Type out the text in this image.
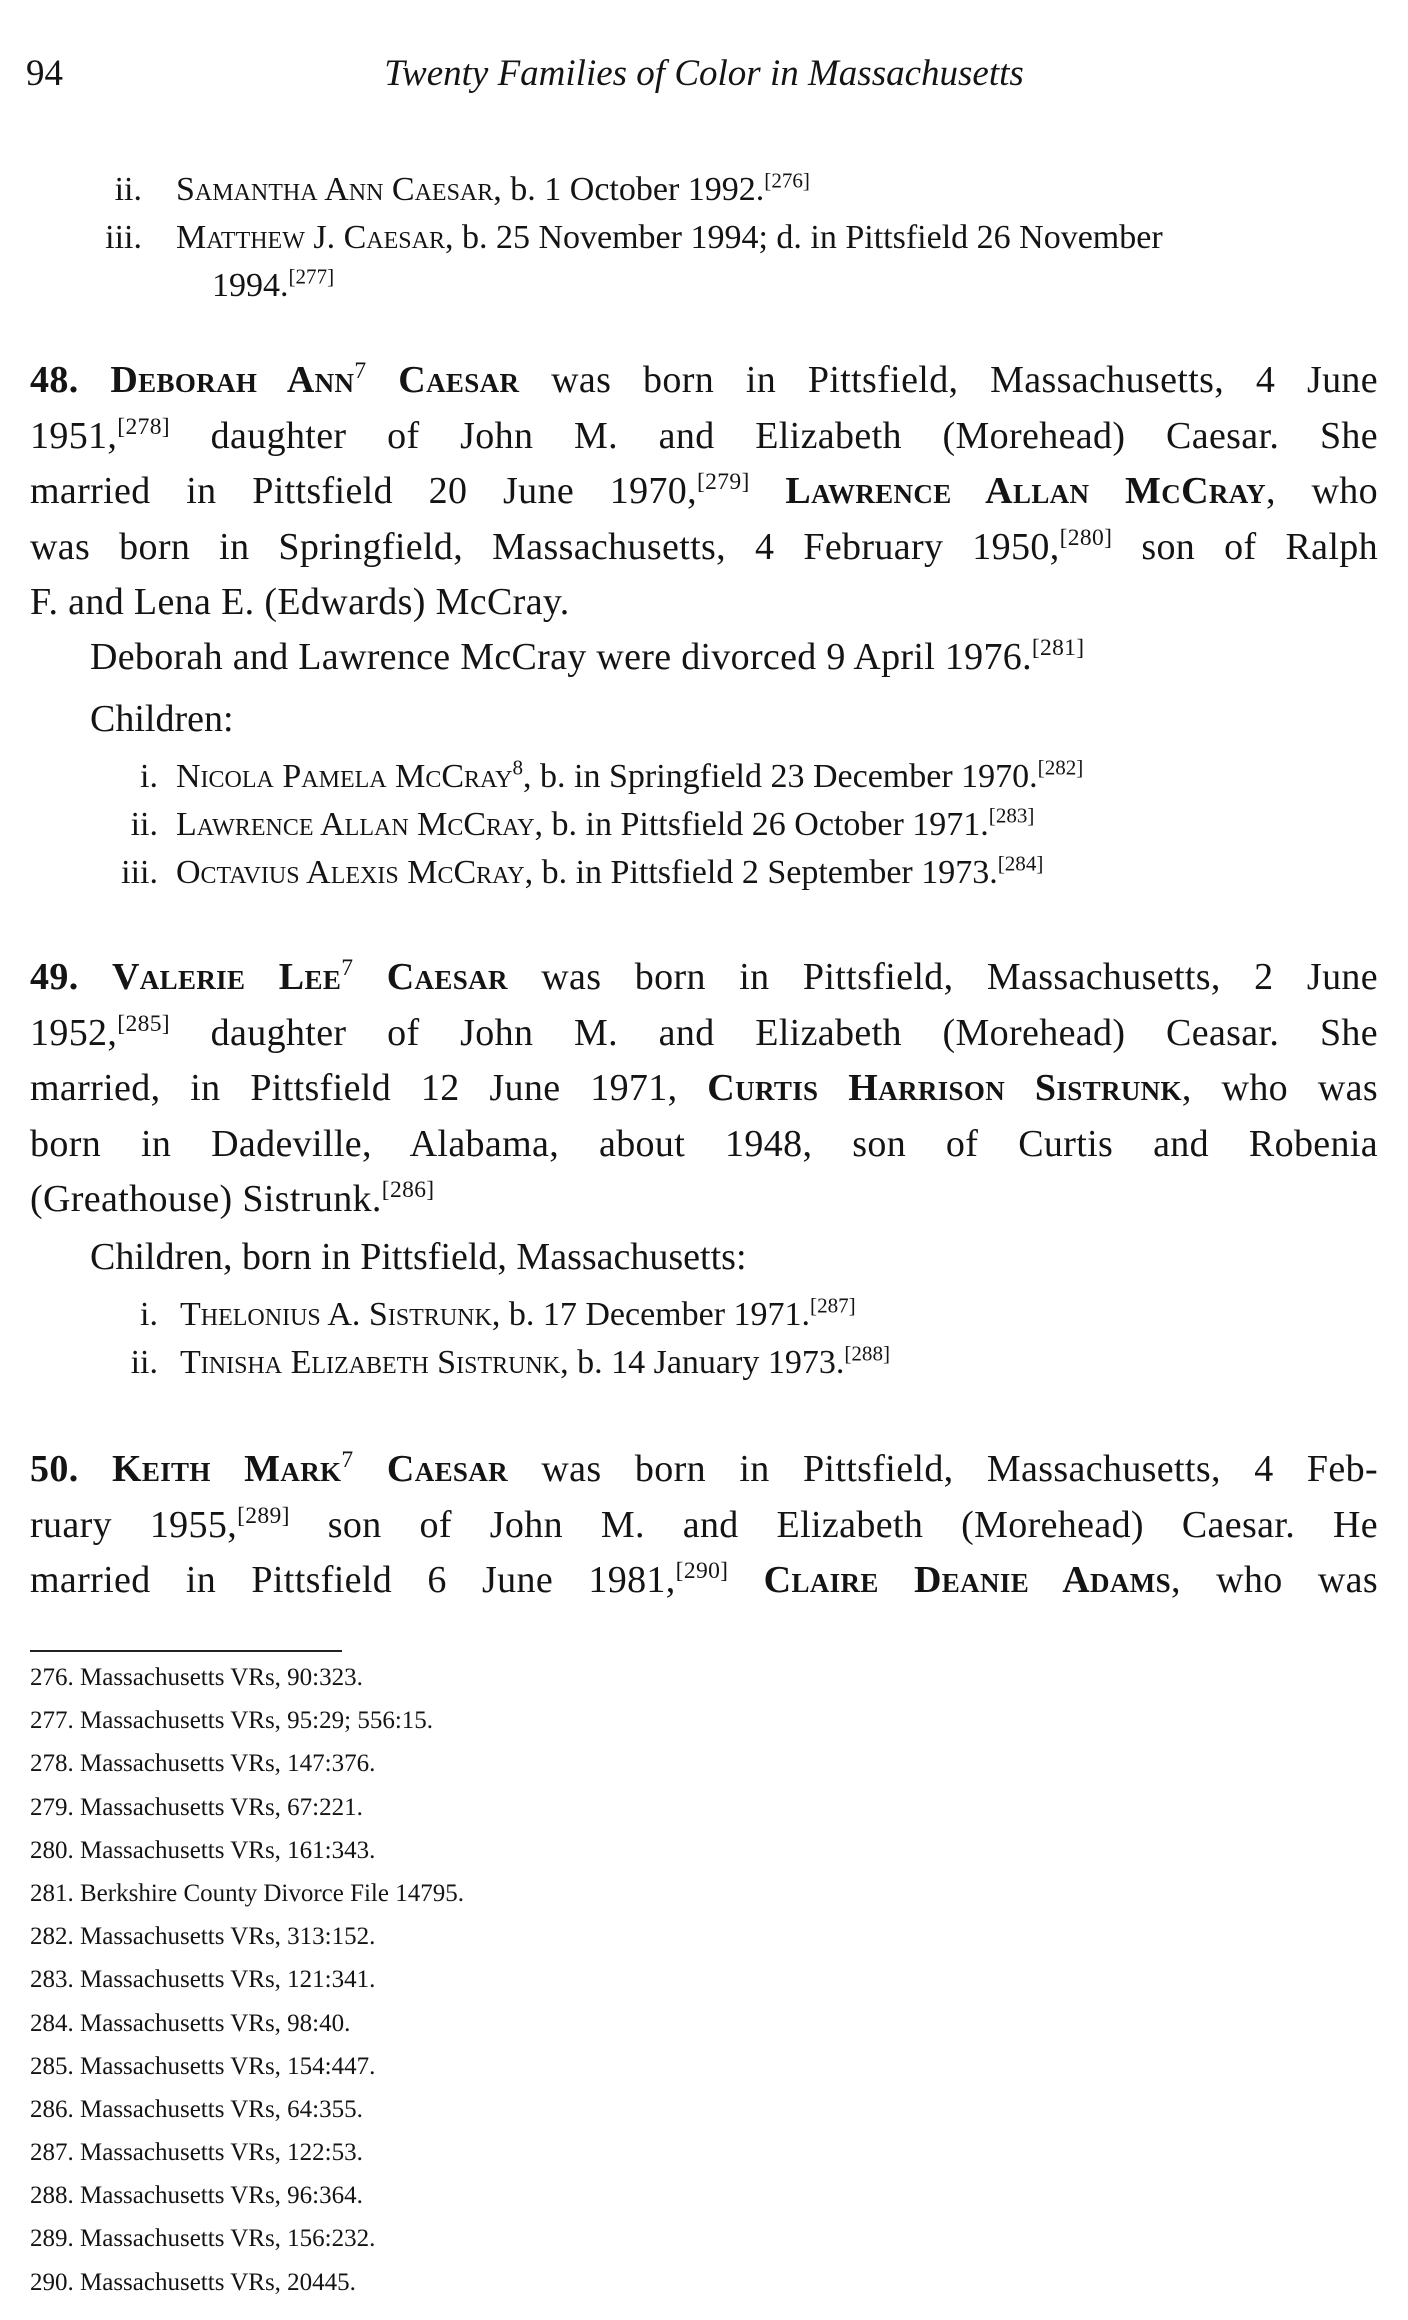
94	Twenty Families of Color in Massachusetts
ii. Samantha Ann Caesar, b. 1 October 1992.[276]
iii. Matthew J. Caesar, b. 25 November 1994; d. in Pittsfield 26 November
1994.[277]
48. Deborah Ann$^7$ Caesar was born in Pittsfield, Massachusetts, 4 June
1951,[278] daughter of John M. and Elizabeth (Morehead) Caesar. She
married in Pittsfield 20 June 1970,[279] Lawrence Allan McCray, who
was born in Springfield, Massachusetts, 4 February 1950,[280] son of Ralph
F. and Lena E. (Edwards) McCray.
Deborah and Lawrence McCray were divorced 9 April 1976.[281]
Children:
i. Nicola Pamela McCray$^8$, b. in Springfield 23 December 1970.[282]
ii. Lawrence Allan McCray, b. in Pittsfield 26 October 1971.[283]
iii. Octavius Alexis McCray, b. in Pittsfield 2 September 1973.[284]
49. Valerie Lee$^7$ Caesar was born in Pittsfield, Massachusetts, 2 June
1952,[285] daughter of John M. and Elizabeth (Morehead) Ceasar. She
married, in Pittsfield 12 June 1971, Curtis Harrison Sistrunk, who was
born in Dadeville, Alabama, about 1948, son of Curtis and Robenia
(Greathouse) Sistrunk.[286]
Children, born in Pittsfield, Massachusetts:
i. Thelonius A. Sistrunk, b. 17 December 1971.[287]
ii. Tinisha Elizabeth Sistrunk, b. 14 January 1973.[288]
50. Keith Mark$^7$ Caesar was born in Pittsfield, Massachusetts, 4 Feb-
ruary 1955,[289] son of John M. and Elizabeth (Morehead) Caesar. He
married in Pittsfield 6 June 1981,[290] Claire Deanie Adams, who was
276. Massachusetts VRs, 90:323.
277. Massachusetts VRs, 95:29; 556:15.
278. Massachusetts VRs, 147:376.
279. Massachusetts VRs, 67:221.
280. Massachusetts VRs, 161:343.
281. Berkshire County Divorce File 14795.
282. Massachusetts VRs, 313:152.
283. Massachusetts VRs, 121:341.
284. Massachusetts VRs, 98:40.
285. Massachusetts VRs, 154:447.
286. Massachusetts VRs, 64:355.
287. Massachusetts VRs, 122:53.
288. Massachusetts VRs, 96:364.
289. Massachusetts VRs, 156:232.
290. Massachusetts VRs, 20445.
